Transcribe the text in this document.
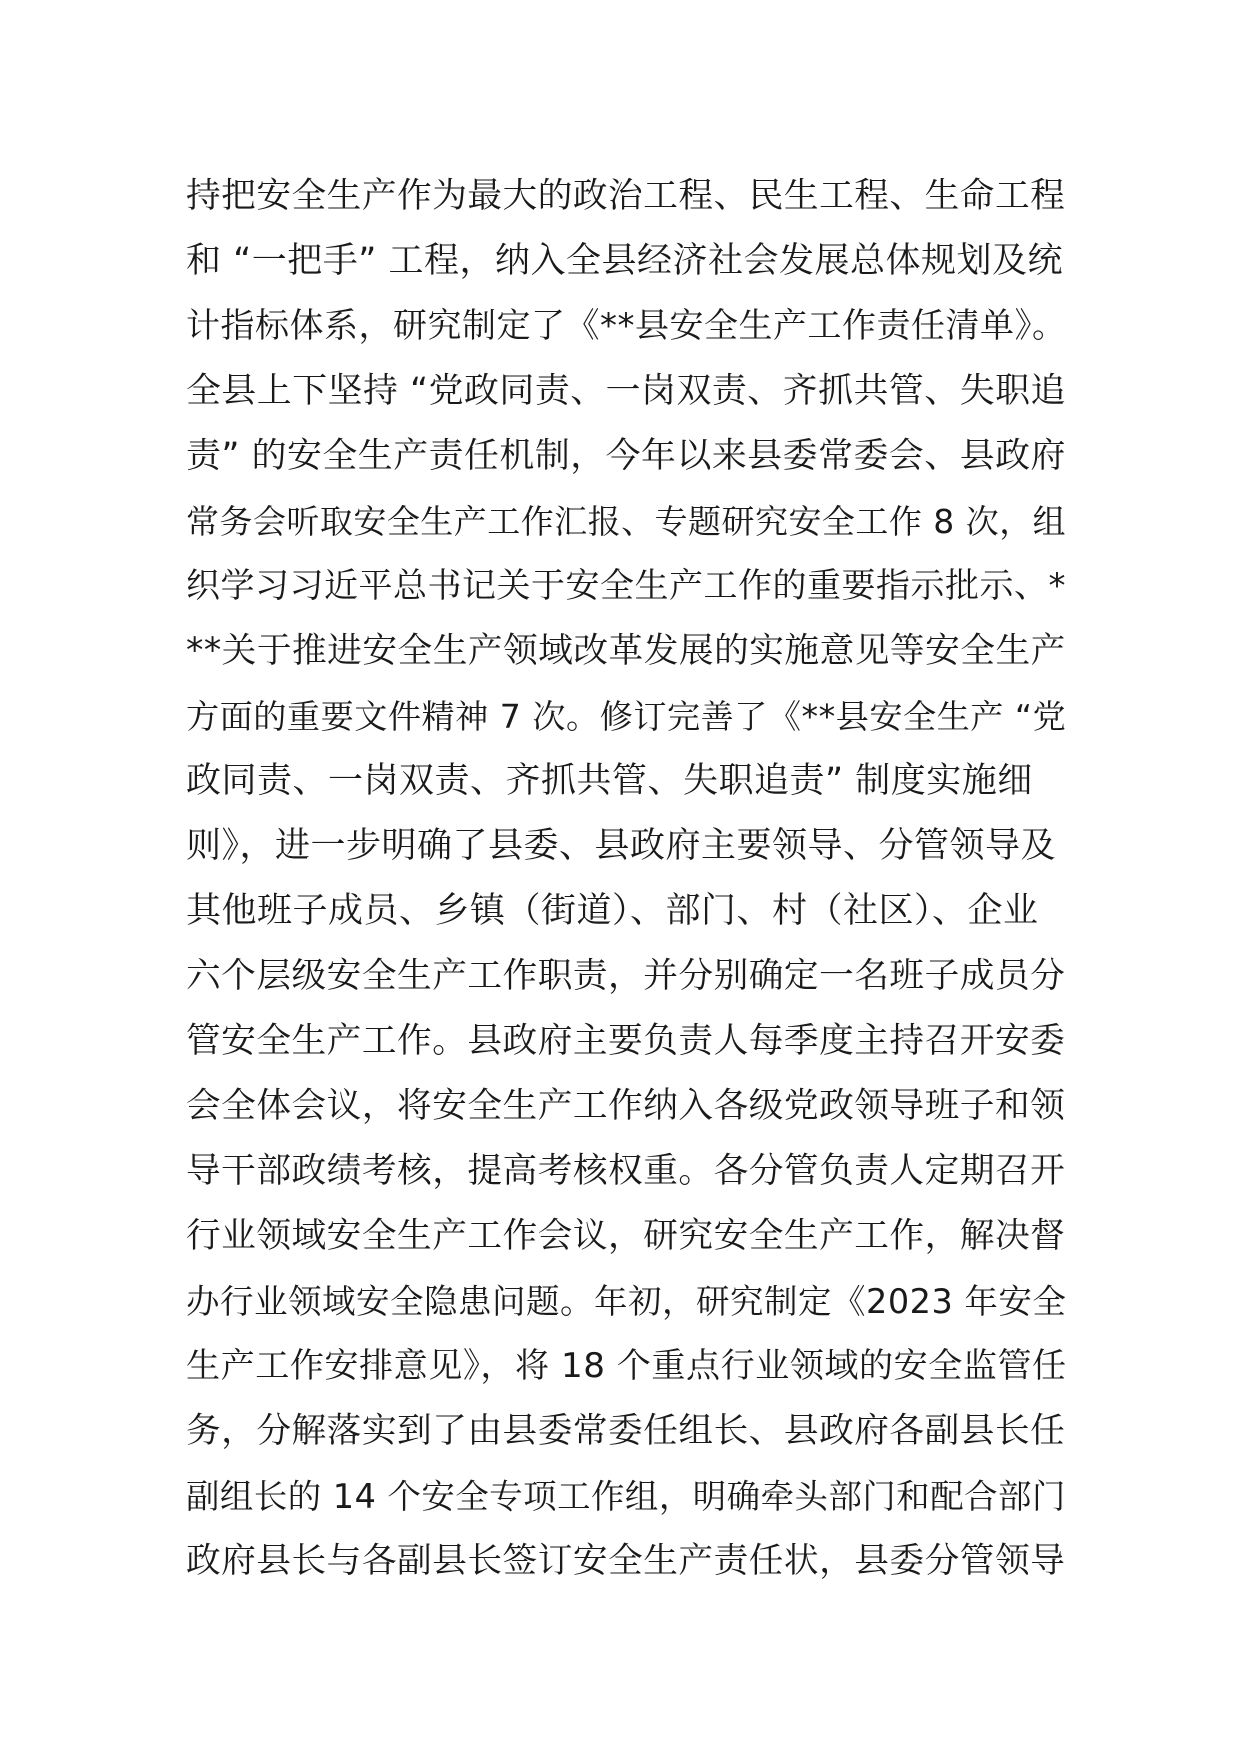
持把安全生产作为最大的政治工程、民生工程、生命工程
和 “一把手” 工程，纳入全县经济社会发展总体规划及统
计指标体系，研究制定了《**县安全生产工作责任清单》。
全县上下坚持 “党政同责、一岗双责、齐抓共管、失职追
责” 的安全生产责任机制，今年以来县委常委会、县政府
常务会听取安全生产工作汇报、专题研究安全工作 8 次，组
织学习习近平总书记关于安全生产工作的重要指示批示、*
**关于推进安全生产领域改革发展的实施意见等安全生产
方面的重要文件精神 7 次。修订完善了《**县安全生产 “党
政同责、一岗双责、齐抓共管、失职追责” 制度实施细
则》，进一步明确了县委、县政府主要领导、分管领导及
其他班子成员、乡镇（街道）、部门、村（社区）、企业
六个层级安全生产工作职责，并分别确定一名班子成员分
管安全生产工作。县政府主要负责人每季度主持召开安委
会全体会议，将安全生产工作纳入各级党政领导班子和领
导干部政绩考核，提高考核权重。各分管负责人定期召开
行业领域安全生产工作会议，研究安全生产工作，解决督
办行业领域安全隐患问题。年初，研究制定《2023 年安全
生产工作安排意见》，将 18 个重点行业领域的安全监管任
务，分解落实到了由县委常委任组长、县政府各副县长任
副组长的 14 个安全专项工作组，明确牵头部门和配合部门
政府县长与各副县长签订安全生产责任状，县委分管领导
